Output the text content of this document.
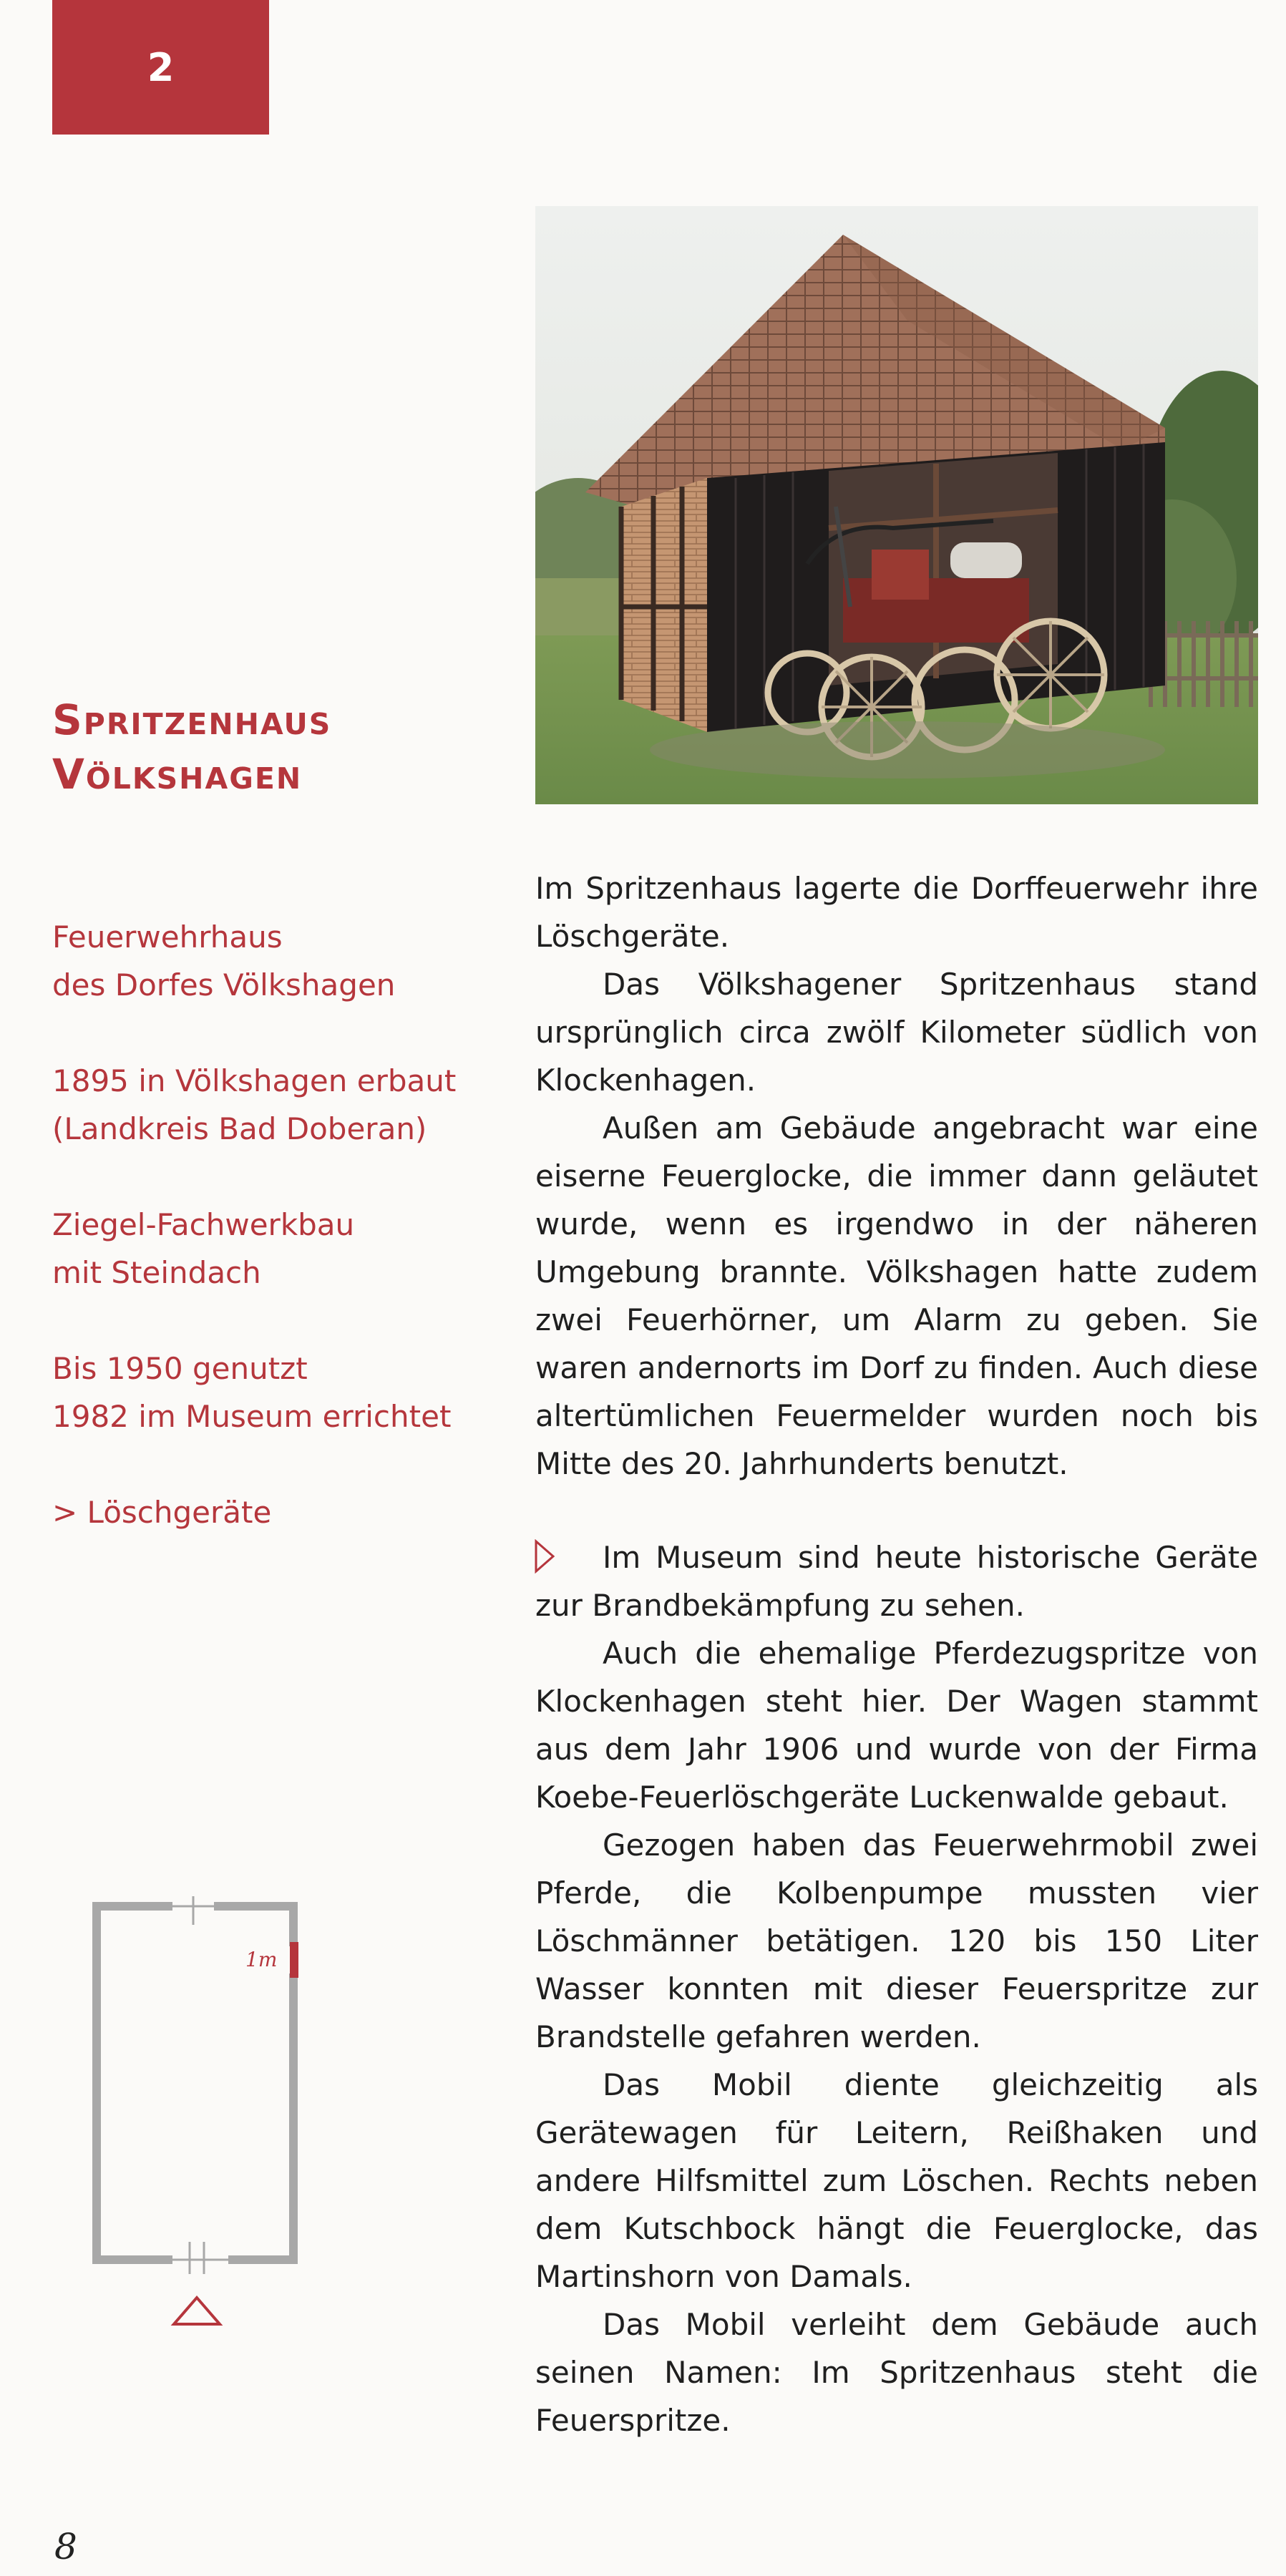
2
Spritzenhaus
Völkshagen
Feuerwehrhaus
des Dorfes Völkshagen
1895 in Völkshagen erbaut
(Landkreis Bad Doberan)
Ziegel-Fachwerkbau
mit Steindach
Bis 1950 genutzt
1982 im Museum errichtet
> Löschgeräte

Im Spritzenhaus lagerte die Dorffeuerwehr ihre Löschgeräte.

Das Völkshagener Spritzenhaus stand ursprünglich circa zwölf Kilometer südlich von Klockenhagen.

Außen am Gebäude angebracht war eine eiserne Feuerglocke, die immer dann geläutet wurde, wenn es irgendwo in der näheren Umgebung brannte. Völkshagen hatte zudem zwei Feuerhörner, um Alarm zu geben. Sie waren andernorts im Dorf zu finden. Auch diese altertümlichen Feuermelder wurden noch bis Mitte des 20. Jahrhunderts benutzt.

Im Museum sind heute historische Geräte zur Brandbekämpfung zu sehen.

Auch die ehemalige Pferdezugspritze von Klockenhagen steht hier. Der Wagen stammt aus dem Jahr 1906 und wurde von der Firma Koebe-Feuerlöschgeräte Luckenwalde gebaut.

Gezogen haben das Feuerwehrmobil zwei Pferde, die Kolbenpumpe mussten vier Löschmänner betätigen. 120 bis 150 Liter Wasser konnten mit dieser Feuerspritze zur Brandstelle gefahren werden.

Das Mobil diente gleichzeitig als Gerätewagen für Leitern, Reißhaken und andere Hilfsmittel zum Löschen. Rechts neben dem Kutschbock hängt die Feuerglocke, das Martinshorn von Damals.

Das Mobil verleiht dem Gebäude auch seinen Namen: Im Spritzenhaus steht die Feuerspritze.

1m
8
